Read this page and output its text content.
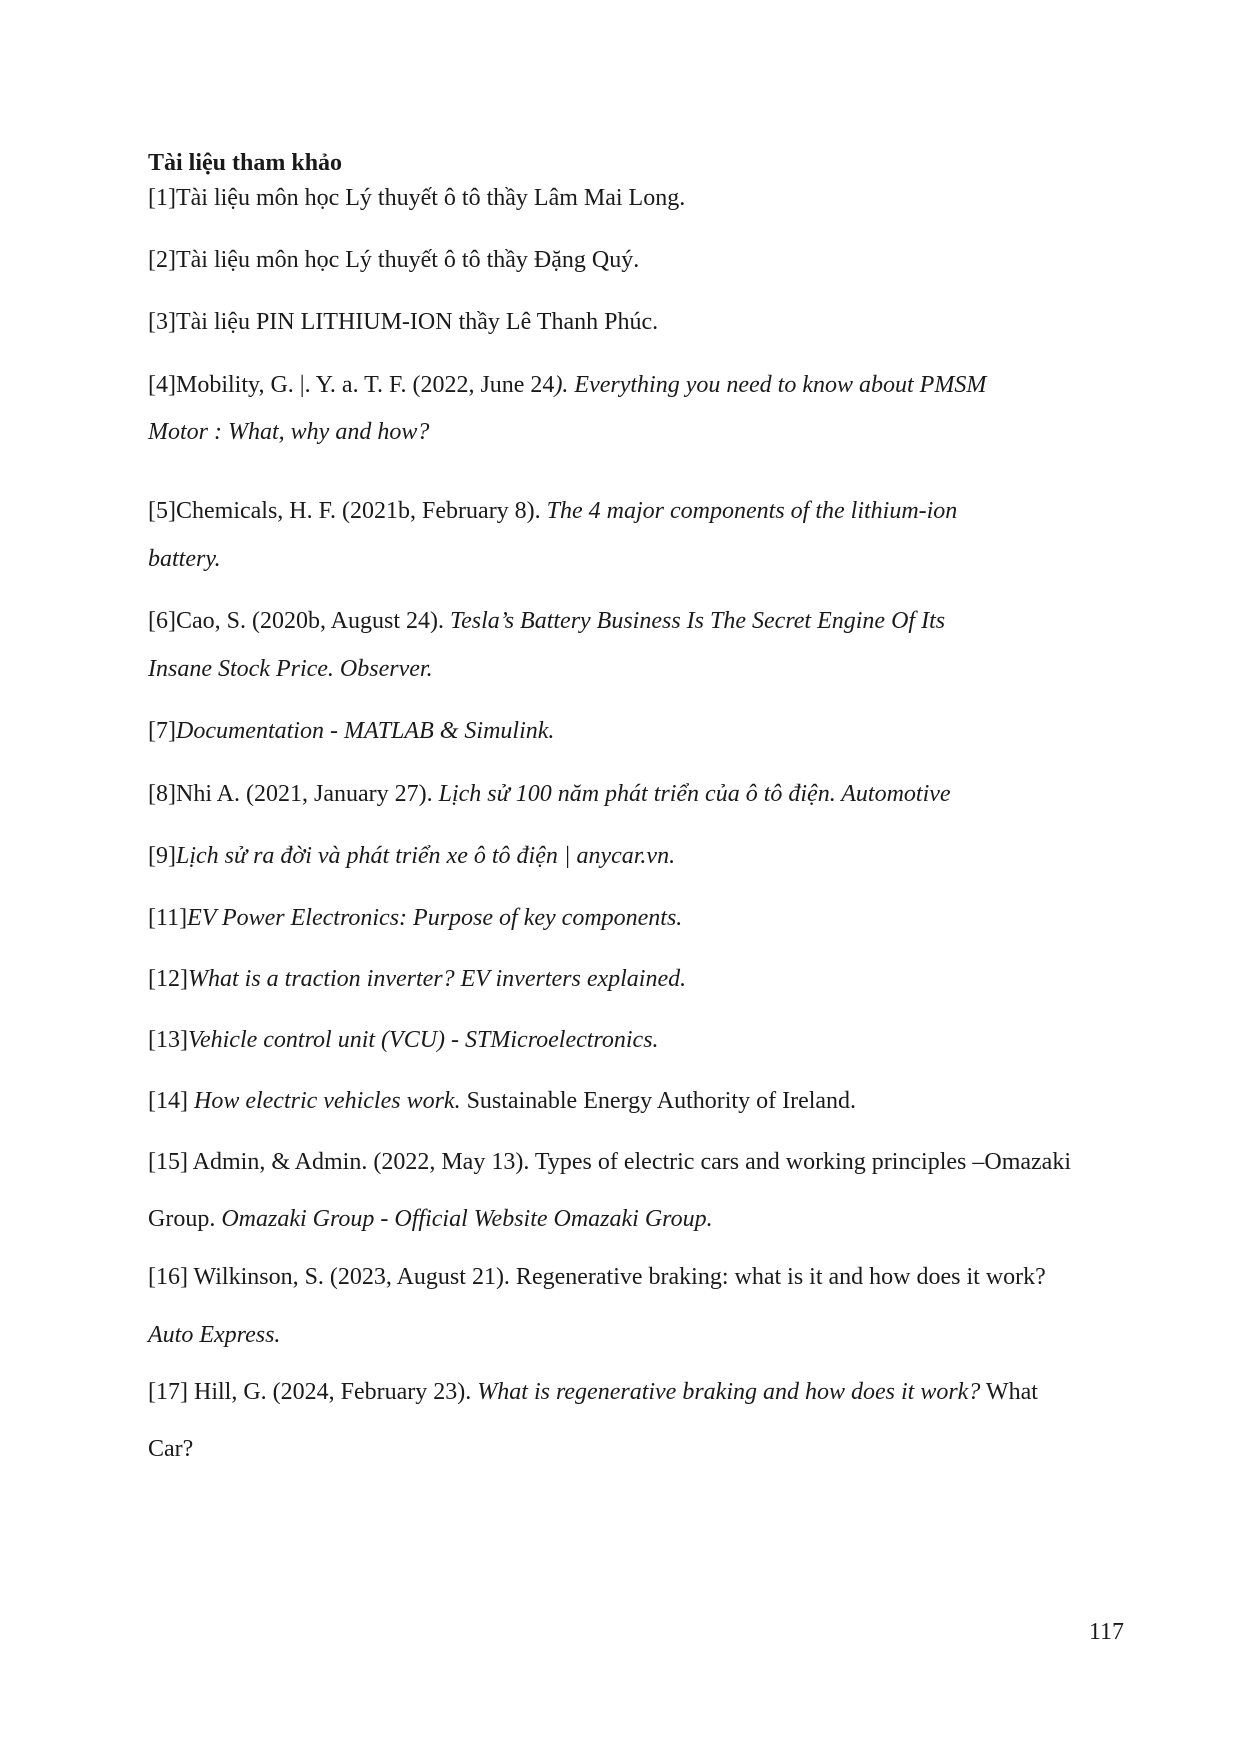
Tài liệu tham khảo
[1]Tài liệu môn học Lý thuyết ô tô thầy Lâm Mai Long.
[2]Tài liệu môn học Lý thuyết ô tô thầy Đặng Quý.
[3]Tài liệu PIN LITHIUM-ION thầy Lê Thanh Phúc.
[4]Mobility, G. |. Y. a. T. F. (2022, June 24). Everything you need to know about PMSM
Motor : What, why and how?
[5]Chemicals, H. F. (2021b, February 8). The 4 major components of the lithium-ion
battery.
[6]Cao, S. (2020b, August 24). Tesla’s Battery Business Is The Secret Engine Of Its
Insane Stock Price. Observer.
[7]Documentation - MATLAB & Simulink.
[8]Nhi A. (2021, January 27). Lịch sử 100 năm phát triển của ô tô điện. Automotive
[9]Lịch sử ra đời và phát triển xe ô tô điện | anycar.vn.
[11]EV Power Electronics: Purpose of key components.
[12]What is a traction inverter? EV inverters explained.
[13]Vehicle control unit (VCU) - STMicroelectronics.
[14] How electric vehicles work. Sustainable Energy Authority of Ireland.
[15] Admin, & Admin. (2022, May 13). Types of electric cars and working principles –Omazaki
Group. Omazaki Group - Official Website Omazaki Group.
[16] Wilkinson, S. (2023, August 21). Regenerative braking: what is it and how does it work?
Auto Express.
[17] Hill, G. (2024, February 23). What is regenerative braking and how does it work? What
Car?
117
